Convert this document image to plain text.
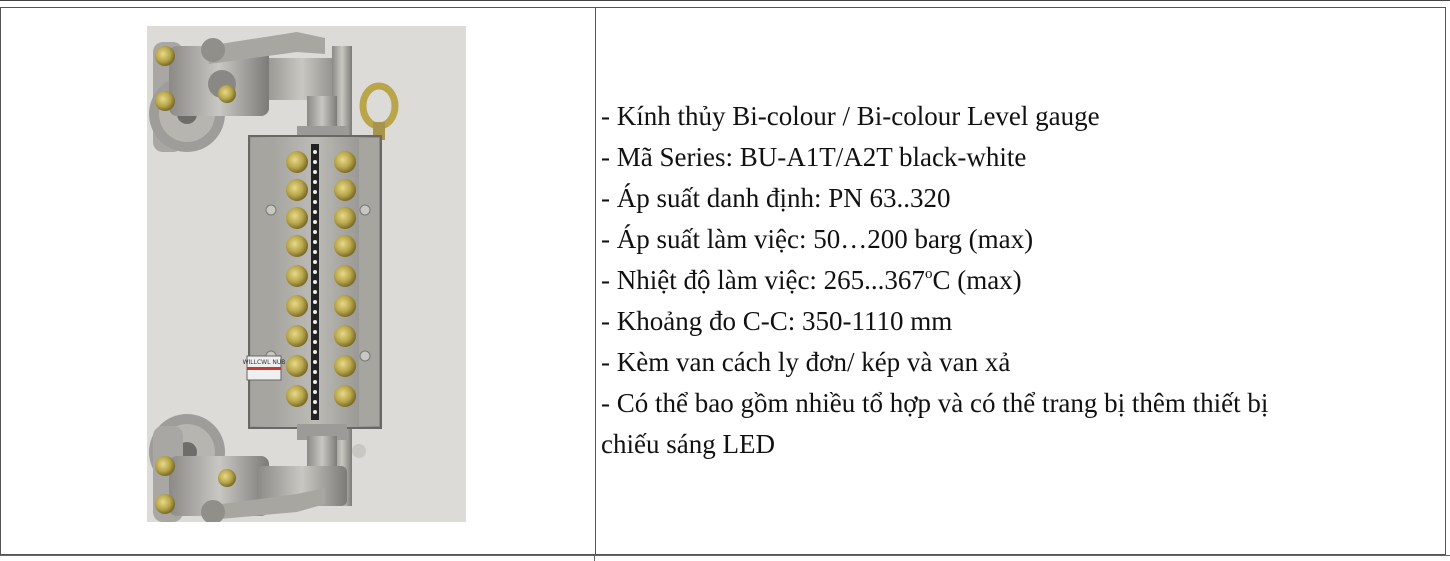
WILLCWL NUB
- Kính thủy Bi-colour / Bi-colour Level gauge
- Mã Series: BU-A1T/A2T black-white
- Áp suất danh định: PN 63..320
- Áp suất làm việc: 50…200 barg (max)
- Nhiệt độ làm việc: 265...367$^o$C (max)
- Khoảng đo C-C: 350-1110 mm
- Kèm van cách ly đơn/ kép và van xả
- Có thể bao gồm nhiều tổ hợp và có thể trang bị thêm thiết bị
chiếu sáng LED
